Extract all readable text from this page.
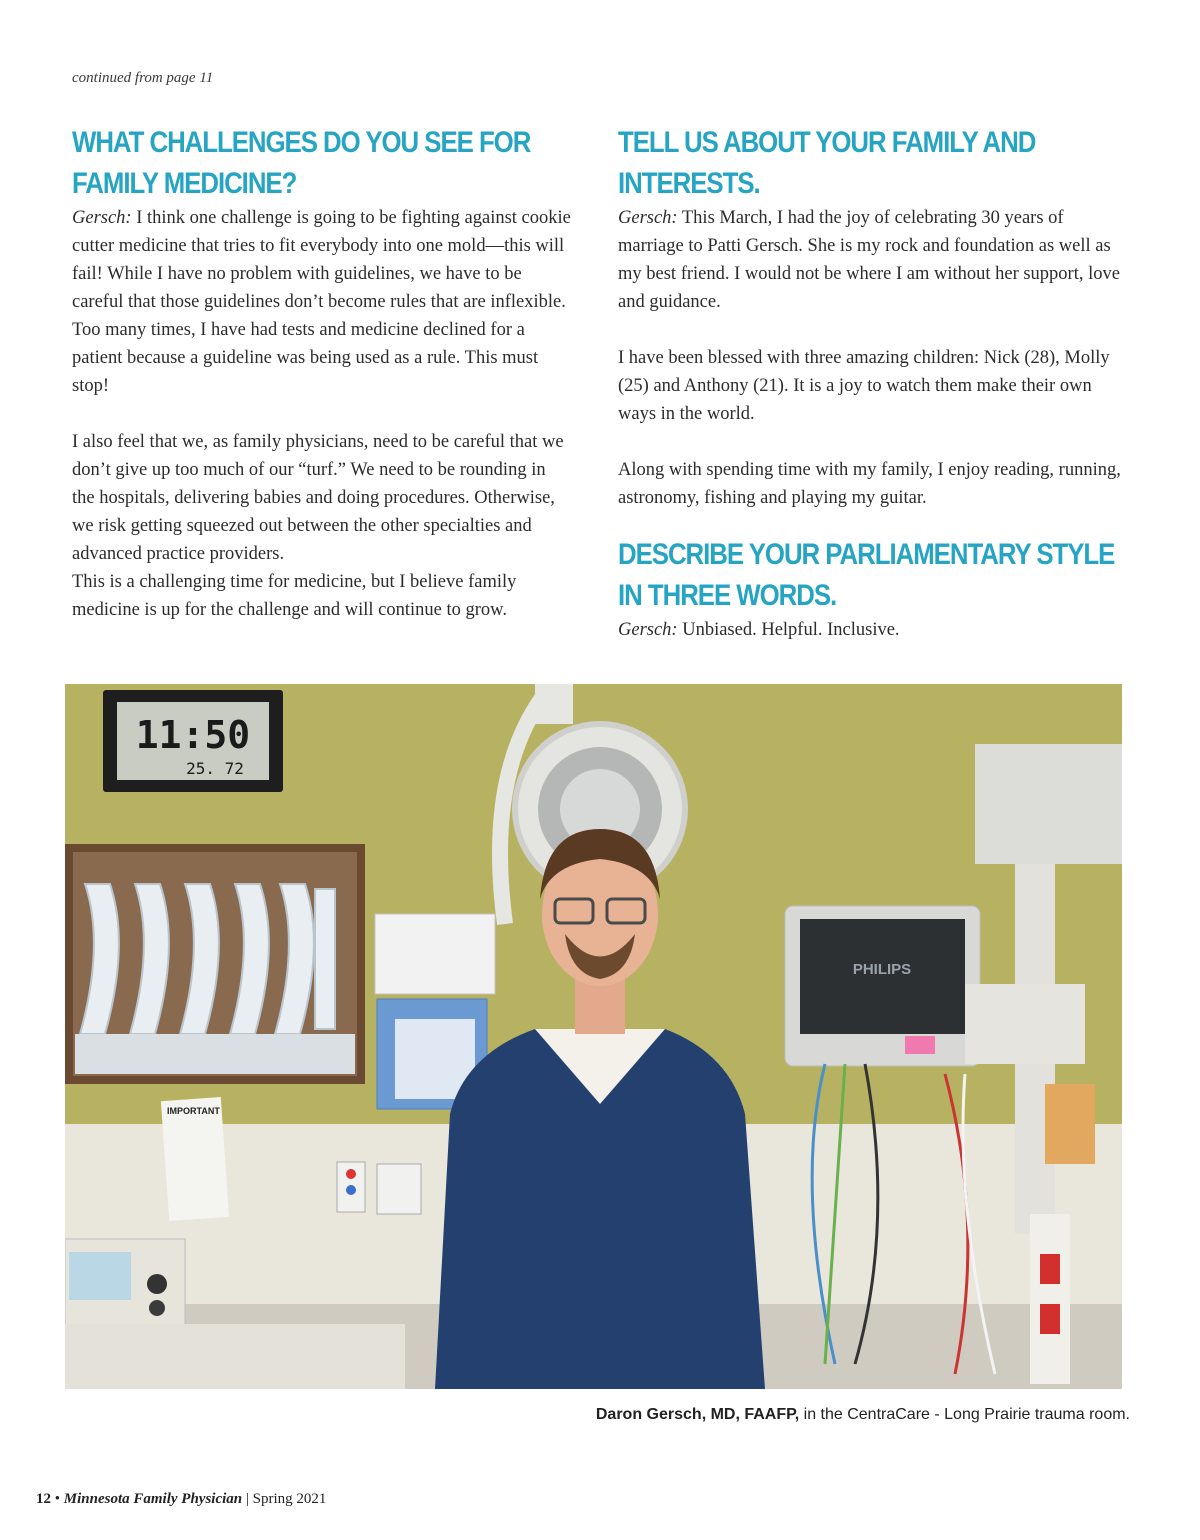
continued from page 11
WHAT CHALLENGES DO YOU SEE FOR FAMILY MEDICINE?

Gersch: I think one challenge is going to be fighting against cookie cutter medicine that tries to fit everybody into one mold—this will fail! While I have no problem with guidelines, we have to be careful that those guidelines don’t become rules that are inflexible. Too many times, I have had tests and medicine declined for a patient because a guideline was being used as a rule. This must stop!

I also feel that we, as family physicians, need to be careful that we don’t give up too much of our “turf.” We need to be rounding in the hospitals, delivering babies and doing procedures. Otherwise, we risk getting squeezed out between the other specialties and advanced practice providers.

This is a challenging time for medicine, but I believe family medicine is up for the challenge and will continue to grow.

TELL US ABOUT YOUR FAMILY AND INTERESTS.

Gersch: This March, I had the joy of celebrating 30 years of marriage to Patti Gersch. She is my rock and foundation as well as my best friend. I would not be where I am without her support, love and guidance.

I have been blessed with three amazing children: Nick (28), Molly (25) and Anthony (21). It is a joy to watch them make their own ways in the world.

Along with spending time with my family, I enjoy reading, running, astronomy, fishing and playing my guitar.

DESCRIBE YOUR PARLIAMENTARY STYLE IN THREE WORDS.

Gersch: Unbiased. Helpful. Inclusive.

11:50
25. 72
IMPORTANT
PHILIPS
Daron Gersch, MD, FAAFP, in the CentraCare - Long Prairie trauma room.
12 • Minnesota Family Physician | Spring 2021
